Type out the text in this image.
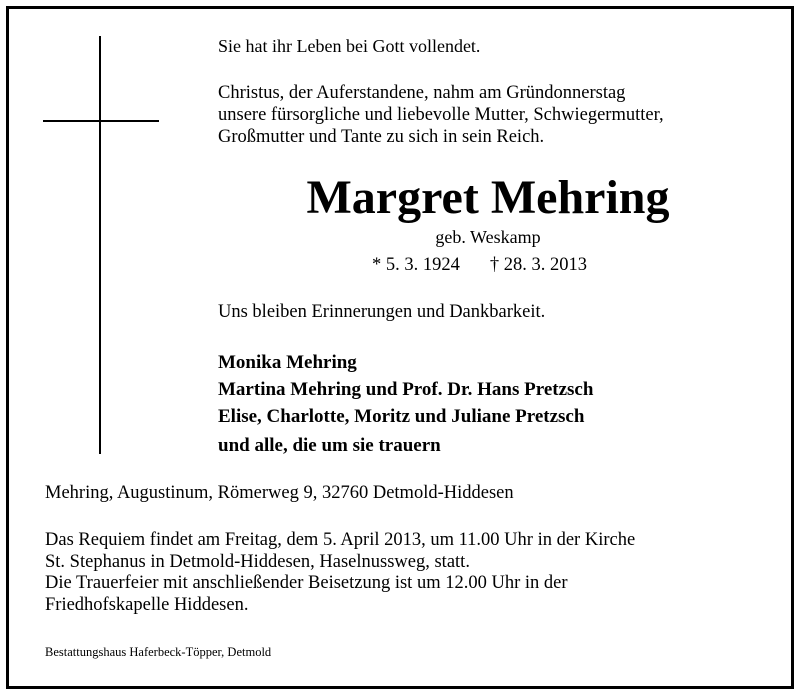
Sie hat ihr Leben bei Gott vollendet.
Christus, der Auferstandene, nahm am Gründonnerstag
unsere fürsorgliche und liebevolle Mutter, Schwiegermutter,
Großmutter und Tante zu sich in sein Reich.
Margret Mehring
geb. Weskamp
* 5. 3. 1924 † 28. 3. 2013
Uns bleiben Erinnerungen und Dankbarkeit.
Monika Mehring
Martina Mehring und Prof. Dr. Hans Pretzsch
Elise, Charlotte, Moritz und Juliane Pretzsch
und alle, die um sie trauern
Mehring, Augustinum, Römerweg 9, 32760 Detmold-Hiddesen
Das Requiem findet am Freitag, dem 5. April 2013, um 11.00 Uhr in der Kirche
St. Stephanus in Detmold-Hiddesen, Haselnussweg, statt.
Die Trauerfeier mit anschließender Beisetzung ist um 12.00 Uhr in der
Friedhofskapelle Hiddesen.
Bestattungshaus Haferbeck-Töpper, Detmold
